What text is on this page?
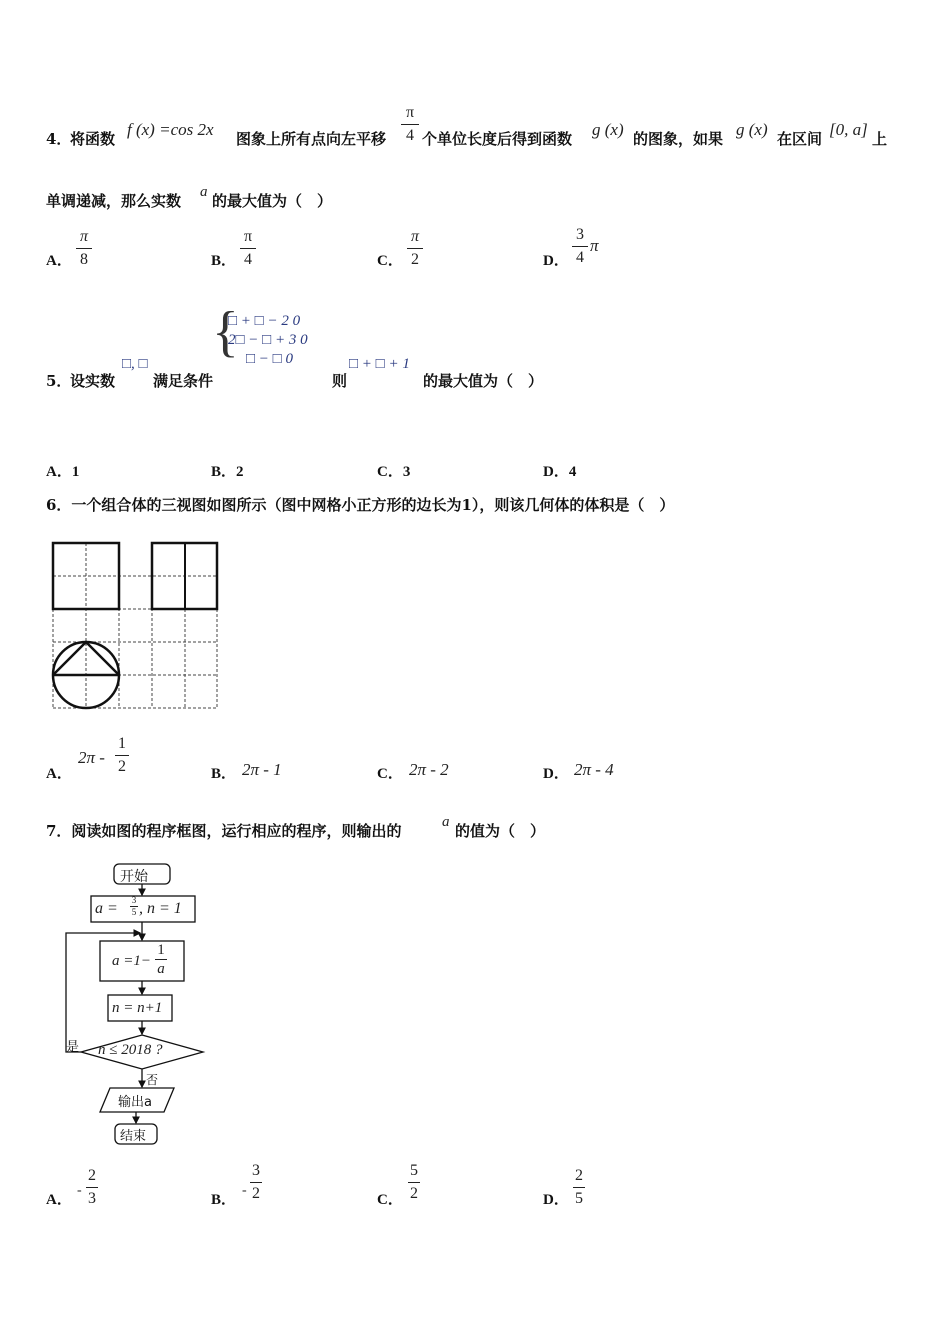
4．
将函数 f (x) =cos 2x 图象上所有点向左平移
π
4 个单位长度后得到函数 g (x) 的图象，如果 g (x) 在区间 [0, a] 上
单调递减，那么实数 a 的最大值为（　）
A．
π
8	B．
π
4	C．
π
2	D．
3
4
π
{
□ + □ − 2 0
2□ − □ + 3 0
□ − □ 0
5．
设实数
□, □
满足条件	则
□ + □ + 1
的最大值为（　）
A．1	B．2	C．3	D．4
6．一个组合体的三视图如图所示（图中网格小正方形的边长为1），则该几何体的体积是（　）
A．
2π -
1
2	B． 2π - 1	C． 2π - 2	D． 2π - 4
7．阅读如图的程序框图，运行相应的程序，则输出的	a 的值为（　）
开始
a = 3
5 , n = 1
a =1−
1
a
n = n+1
n ≤ 2018 ?
是
否
输出a
结束
A．
-
2
3	B．
-
3
2	C．
5
2	D．
2
5
